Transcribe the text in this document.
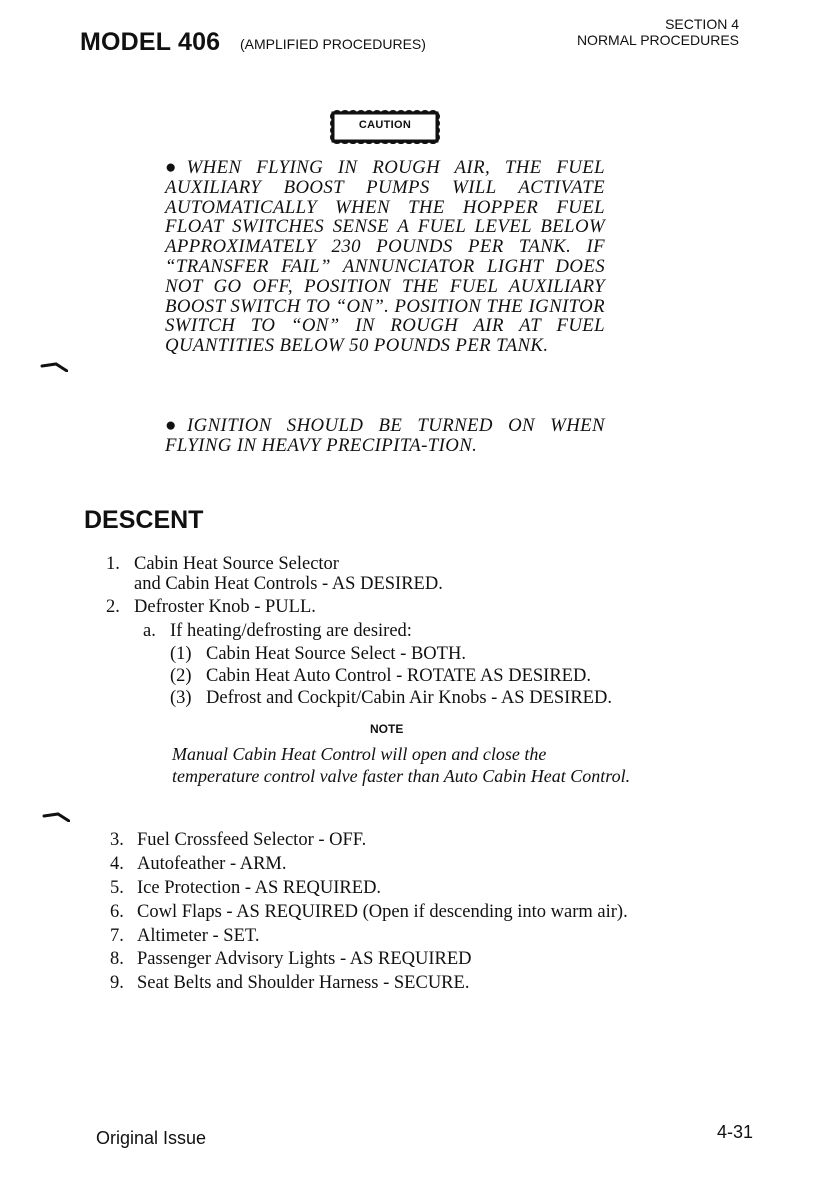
MODEL 406 (AMPLIFIED PROCEDURES)
SECTION 4
NORMAL PROCEDURES
CAUTION
●WHEN FLYING IN ROUGH AIR, THE FUEL AUXILIARY BOOST PUMPS WILL ACTIVATE AUTOMATICALLY WHEN THE HOPPER FUEL FLOAT SWITCHES SENSE A FUEL LEVEL BELOW APPROXIMATELY 230 POUNDS PER TANK. IF “TRANSFER FAIL” ANNUNCIATOR LIGHT DOES NOT GO OFF, POSITION THE FUEL AUXILIARY BOOST SWITCH TO “ON”. POSITION THE IGNITOR SWITCH TO “ON” IN ROUGH AIR AT FUEL QUANTITIES BELOW 50 POUNDS PER TANK.
●IGNITION SHOULD BE TURNED ON WHEN FLYING IN HEAVY PRECIPITA-TION.
DESCENT
1. Cabin Heat Source Selector
and Cabin Heat Controls - AS DESIRED.
2. Defroster Knob - PULL.
a. If heating/defrosting are desired:
(1) Cabin Heat Source Select - BOTH.
(2) Cabin Heat Auto Control - ROTATE AS DESIRED.
(3) Defrost and Cockpit/Cabin Air Knobs - AS DESIRED.
NOTE
Manual Cabin Heat Control will open and close the temperature control valve faster than Auto Cabin Heat Control.
3. Fuel Crossfeed Selector - OFF.
4. Autofeather - ARM.
5. Ice Protection - AS REQUIRED.
6. Cowl Flaps - AS REQUIRED (Open if descending into warm air).
7. Altimeter - SET.
8. Passenger Advisory Lights - AS REQUIRED
9. Seat Belts and Shoulder Harness - SECURE.
Original Issue	4-31
